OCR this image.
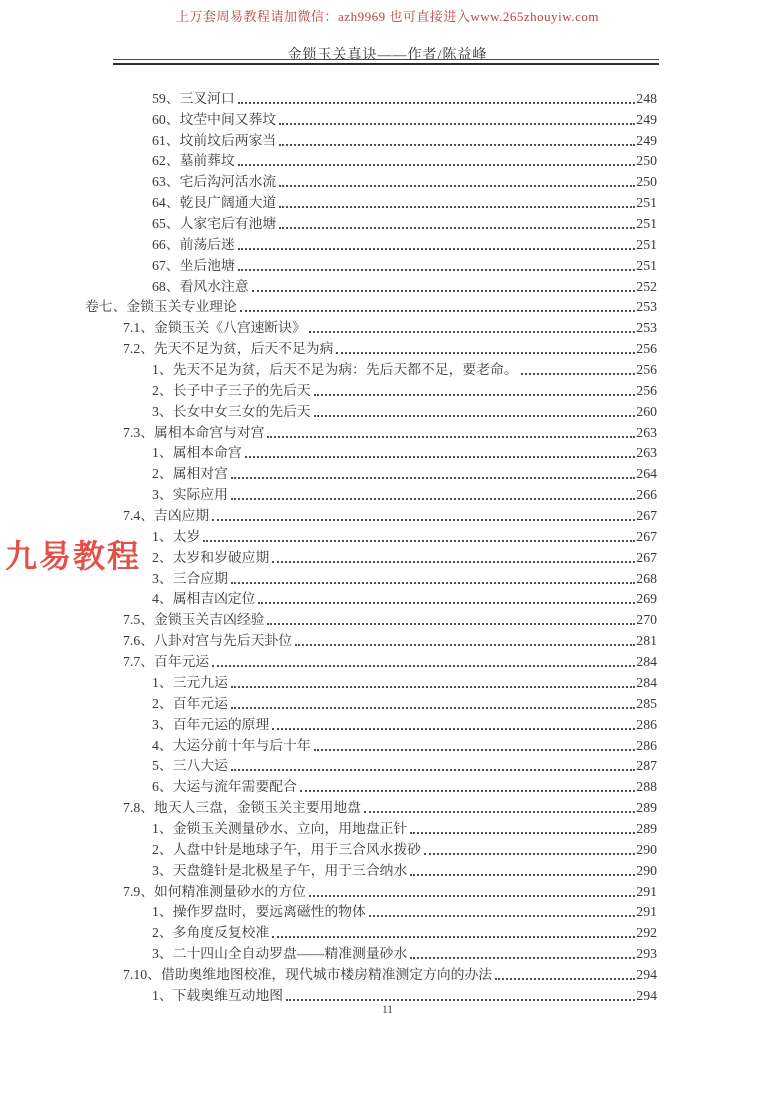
上万套周易教程请加微信：azh9969 也可直接进入www.265zhouyiw.com
金锁玉关真诀——作者/陈益峰
59、三叉河口	248
60、坟茔中间又葬坟	249
61、坟前坟后两家当	249
62、墓前葬坟	250
63、宅后沟河活水流	250
64、乾艮广阔通大道	251
65、人家宅后有池塘	251
66、前荡后迷	251
67、坐后池塘	251
68、看风水注意	252
卷七、金锁玉关专业理论	253
7.1、金锁玉关《八宫速断诀》	253
7.2、先天不足为贫，后天不足为病	256
1、先天不足为贫，后天不足为病：先后天都不足，要老命。	256
2、长子中子三子的先后天	256
3、长女中女三女的先后天	260
7.3、属相本命宫与对宫	263
1、属相本命宫	263
2、属相对宫	264
3、实际应用	266
7.4、吉凶应期	267
1、太岁	267
2、太岁和岁破应期	267
3、三合应期	268
4、属相吉凶定位	269
7.5、金锁玉关吉凶经验	270
7.6、八卦对宫与先后天卦位	281
7.7、百年元运	284
1、三元九运	284
2、百年元运	285
3、百年元运的原理	286
4、大运分前十年与后十年	286
5、三八大运	287
6、大运与流年需要配合	288
7.8、地天人三盘，金锁玉关主要用地盘	289
1、金锁玉关测量砂水、立向，用地盘正针	289
2、人盘中针是地球子午，用于三合风水拨砂	290
3、天盘缝针是北极星子午，用于三合纳水	290
7.9、如何精准测量砂水的方位	291
1、操作罗盘时，要远离磁性的物体	291
2、多角度反复校准	292
3、二十四山全自动罗盘——精准测量砂水	293
7.10、借助奥维地图校准，现代城市楼房精准测定方向的办法	294
1、下载奥维互动地图	294
九易教程
11
